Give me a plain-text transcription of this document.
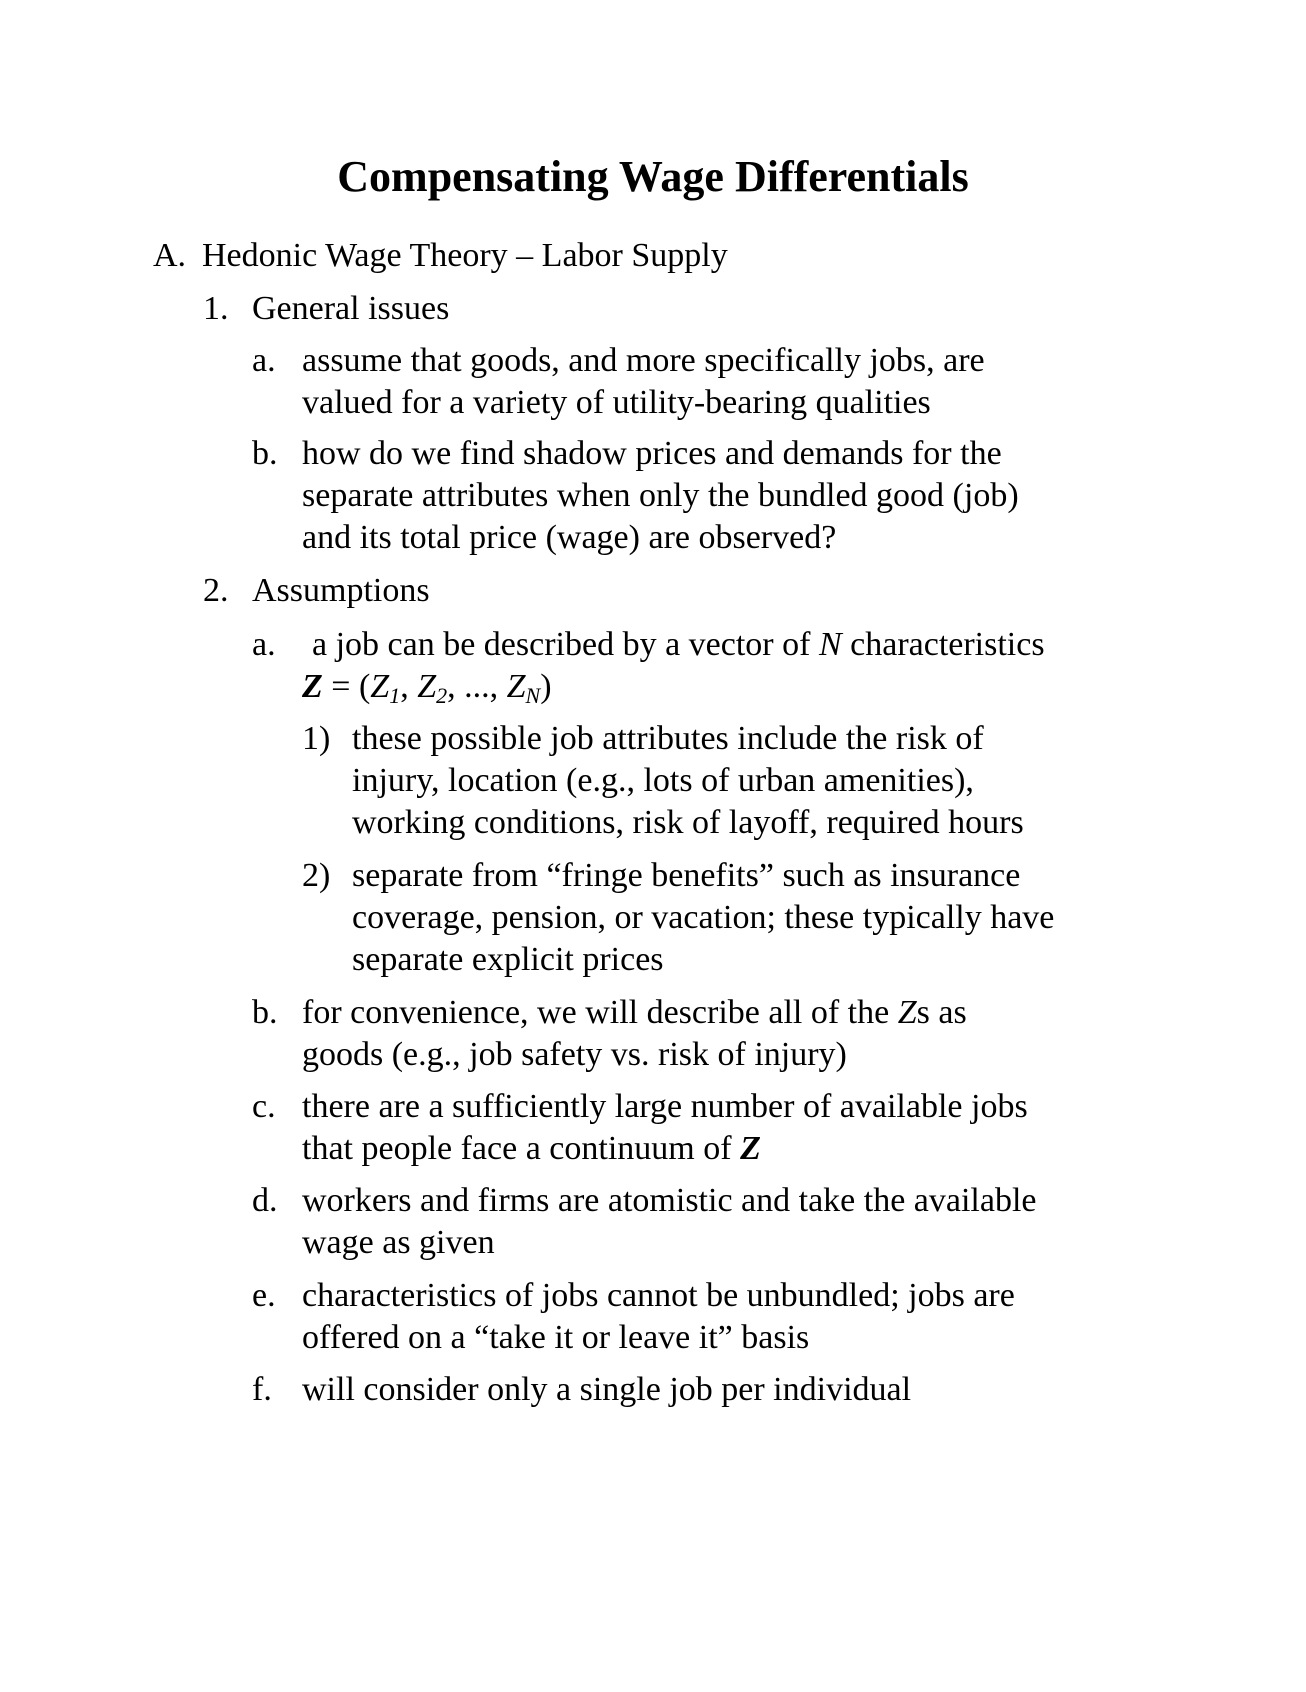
Compensating Wage Differentials
A. Hedonic Wage Theory – Labor Supply
1. General issues
a. assume that goods, and more specifically jobs, are
valued for a variety of utility-bearing qualities
b. how do we find shadow prices and demands for the
separate attributes when only the bundled good (job)
and its total price (wage) are observed?
2. Assumptions
a. a job can be described by a vector of N characteristics
$Z = (Z_1$, $Z_2$, ..., $Z_N$)
1) these possible job attributes include the risk of
injury, location (e.g., lots of urban amenities),
working conditions, risk of layoff, required hours
2) separate from “fringe benefits” such as insurance
coverage, pension, or vacation; these typically have
separate explicit prices
b. for convenience, we will describe all of the Zs as
goods (e.g., job safety vs. risk of injury)
c. there are a sufficiently large number of available jobs
that people face a continuum of Z
d. workers and firms are atomistic and take the available
wage as given
e. characteristics of jobs cannot be unbundled; jobs are
offered on a “take it or leave it” basis
f. will consider only a single job per individual
